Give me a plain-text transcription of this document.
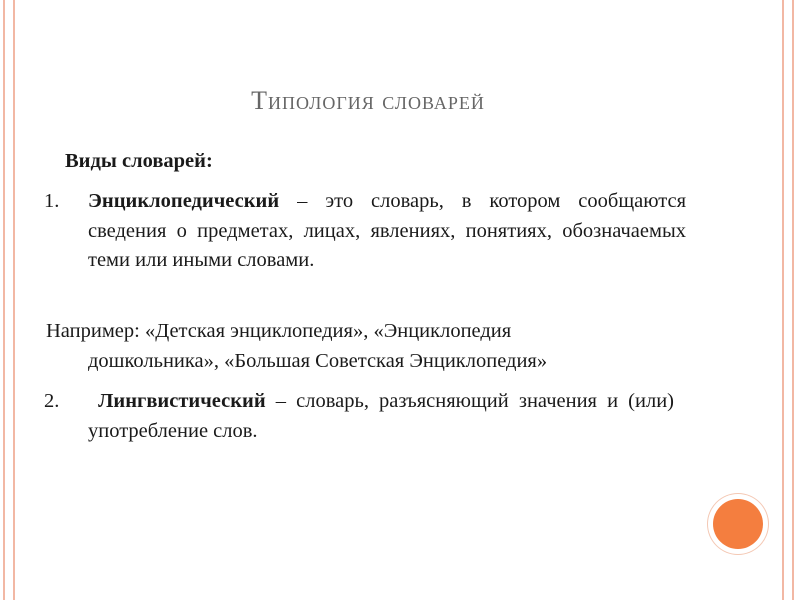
Типология словарей
Виды словарей:
1. Энциклопедический – это словарь, в котором сообщаются сведения о предметах, лицах, явлениях, понятиях, обозначаемых теми или иными словами.
Например: «Детская энциклопедия», «Энциклопедия
дошкольника», «Большая Советская Энциклопедия»
2.	Лингвистический – словарь, разъясняющий значения и (или) употребление слов.
